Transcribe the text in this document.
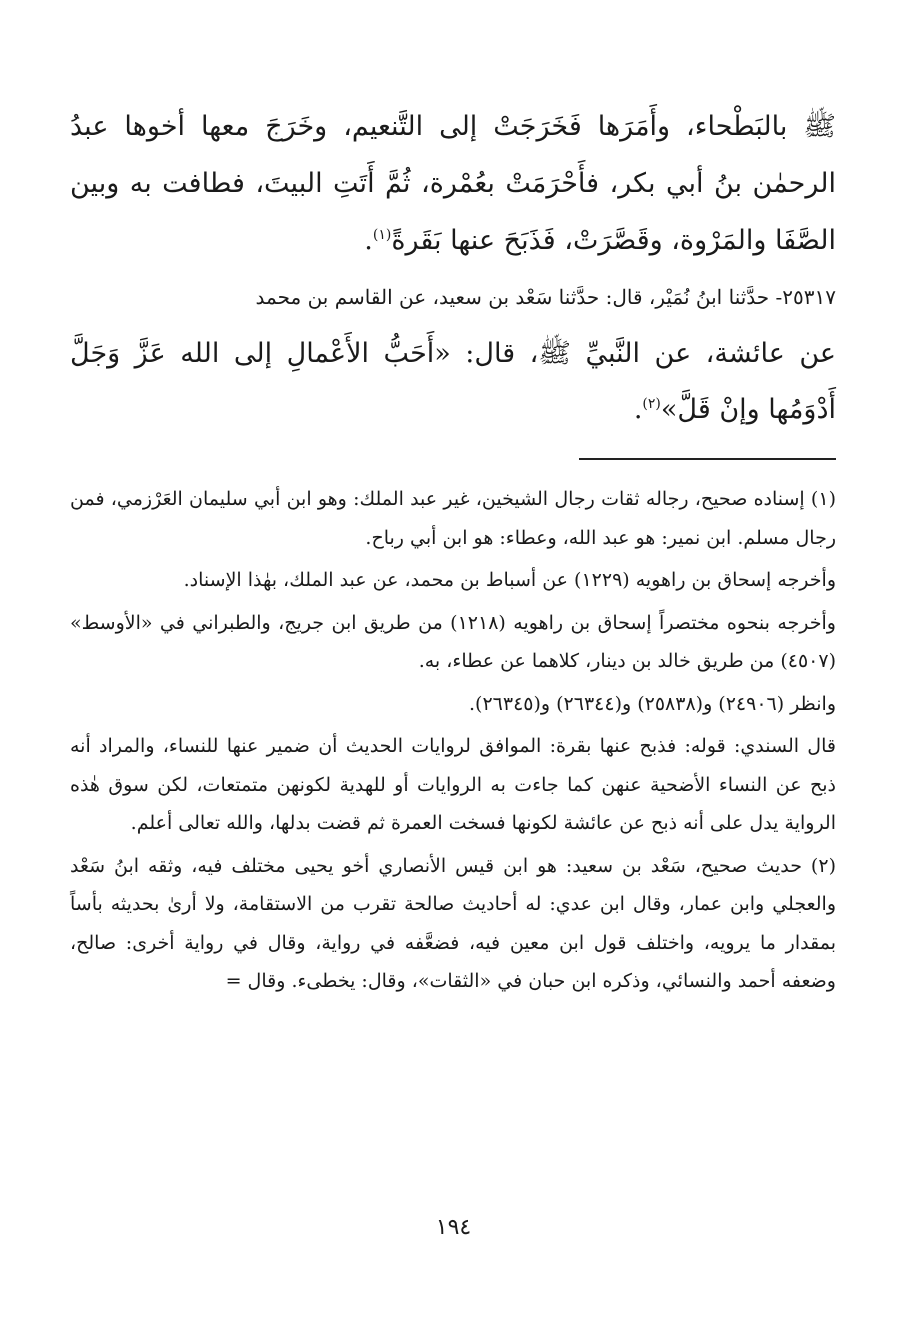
ﷺ بالبَطْحاء، وأَمَرَها فَخَرَجَتْ إلى التَّنعيم، وخَرَجَ معها أخوها عبدُ الرحمٰن بنُ أبي بكر، فأَحْرَمَتْ بعُمْرة، ثُمَّ أَتَتِ البيتَ، فطافت به وبين الصَّفَا والمَرْوة، وقَصَّرَتْ، فَذَبَحَ عنها بَقَرةً$^{(١)}$.

٢٥٣١٧- حدَّثنا ابنُ نُمَيْر، قال: حدَّثنا سَعْد بن سعيد، عن القاسم بن محمد

عن عائشة، عن النَّبيِّ ﷺ، قال: «أَحَبُّ الأَعْمالِ إلى الله عَزَّ وَجَلَّ أَدْوَمُها وإنْ قَلَّ»$^{(٢)}$.

(١) إسناده صحيح، رجاله ثقات رجال الشيخين، غير عبد الملك: وهو ابن أبي سليمان العَرْزمي، فمن رجال مسلم. ابن نمير: هو عبد الله، وعطاء: هو ابن أبي رباح.

وأخرجه إسحاق بن راهويه (١٢٢٩) عن أسباط بن محمد، عن عبد الملك، بهٰذا الإسناد.

وأخرجه بنحوه مختصراً إسحاق بن راهويه (١٢١٨) من طريق ابن جريج، والطبراني في «الأوسط» (٤٥٠٧) من طريق خالد بن دينار، كلاهما عن عطاء، به.

وانظر (٢٤٩٠٦) و(٢٥٨٣٨) و(٢٦٣٤٤) و(٢٦٣٤٥).

قال السندي: قوله: فذبح عنها بقرة: الموافق لروايات الحديث أن ضمير عنها للنساء، والمراد أنه ذبح عن النساء الأضحية عنهن كما جاءت به الروايات أو للهدية لكونهن متمتعات، لكن سوق هٰذه الرواية يدل على أنه ذبح عن عائشة لكونها فسخت العمرة ثم قضت بدلها، والله تعالى أعلم.

(٢) حديث صحيح، سَعْد بن سعيد: هو ابن قيس الأنصاري أخو يحيى مختلف فيه، وثقه ابنُ سَعْد والعجلي وابن عمار، وقال ابن عدي: له أحاديث صالحة تقرب من الاستقامة، ولا أرىٰ بحديثه بأساً بمقدار ما يرويه، واختلف قول ابن معين فيه، فضعَّفه في رواية، وقال في رواية أخرى: صالح، وضعفه أحمد والنسائي، وذكره ابن حبان في «الثقات»، وقال: يخطىء. وقال =

١٩٤
